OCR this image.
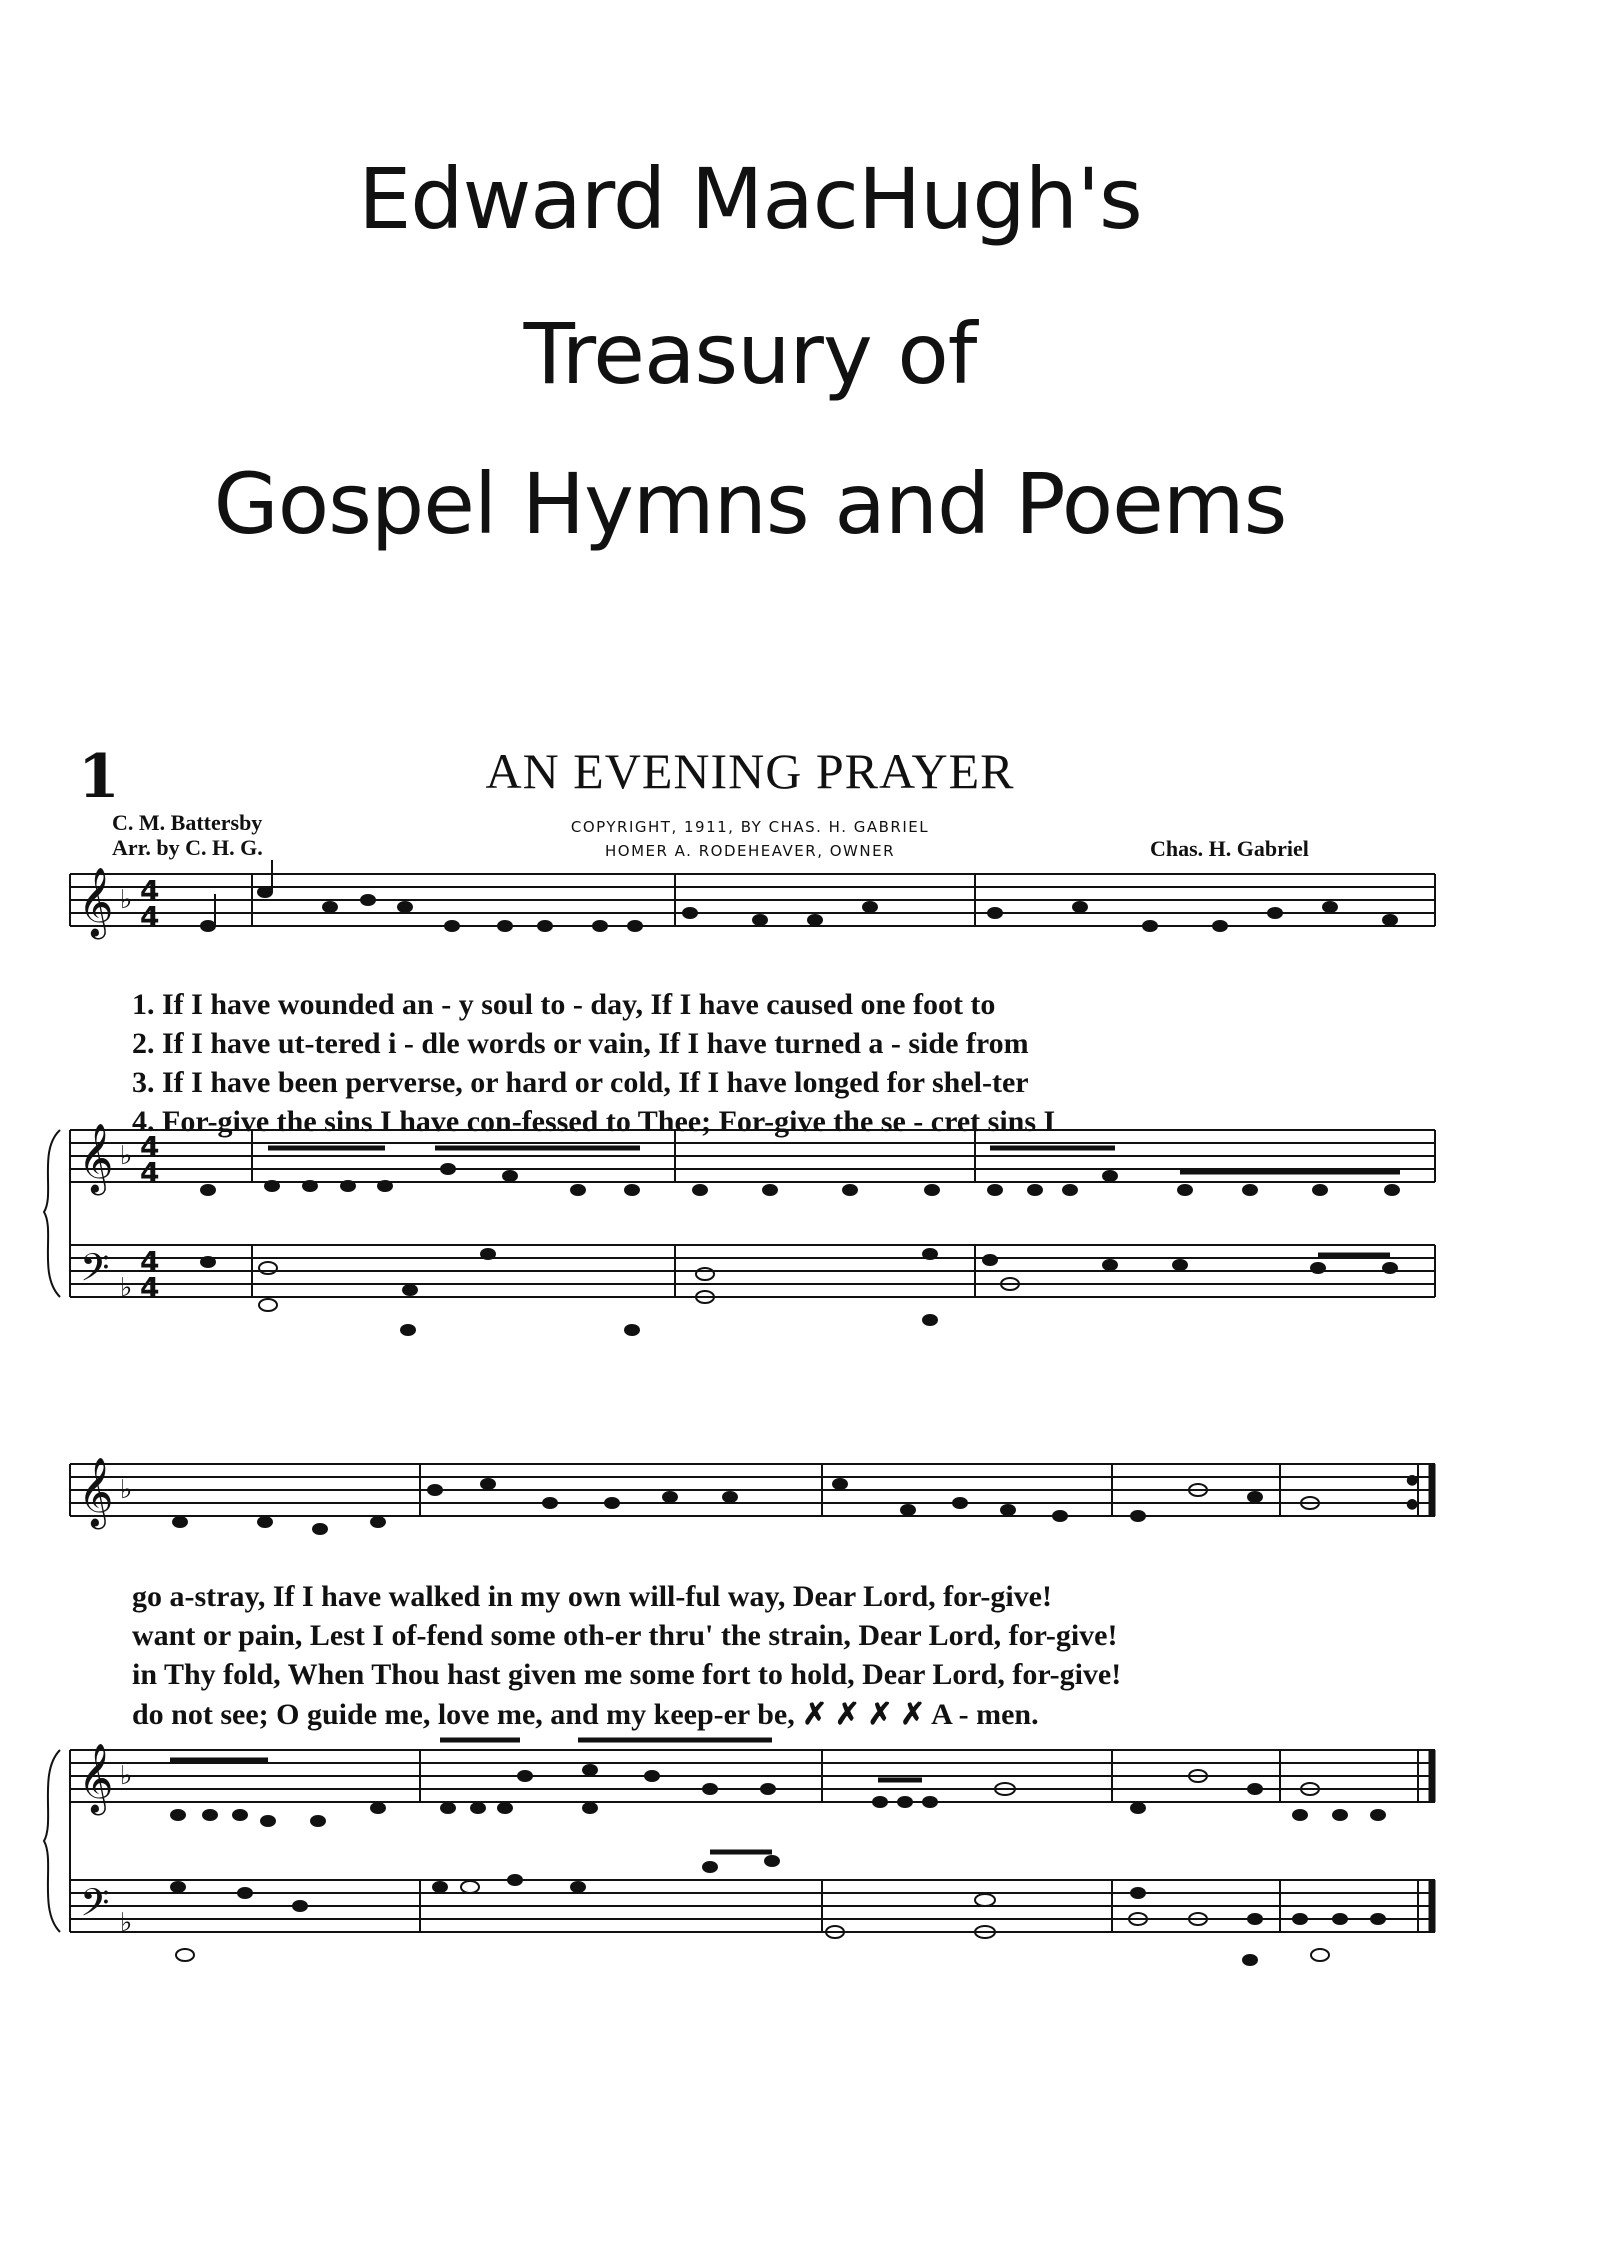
Edward MacHugh's
Treasury of
Gospel Hymns and Poems
1	AN EVENING PRAYER
C. M. Battersby
Arr. by C. H. G.
COPYRIGHT, 1911, BY CHAS. H. GABRIEL
HOMER A. RODEHEAVER, OWNER	Chas. H. Gabriel
𝄞
𝄞
𝄢
♭
♭
♭
4
4
4
4
4
4
1. If I have wounded an - y soul to - day, If I have caused one foot to
2. If I have ut-tered i - dle words or vain, If I have turned a - side from
3. If I have been perverse, or hard or cold, If I have longed for shel-ter
4. For-give the sins I have con-fessed to Thee; For-give the se - cret sins I
𝄞
𝄞
𝄢
♭
♭
♭
●
●
go a-stray, If I have walked in my own will-ful way, Dear Lord, for-give!
want or pain, Lest I of-fend some oth-er thru' the strain, Dear Lord, for-give!
in Thy fold, When Thou hast given me some fort to hold, Dear Lord, for-give!
do not see; O guide me, love me, and my keep-er be, ✗ ✗ ✗ ✗ A - men.
